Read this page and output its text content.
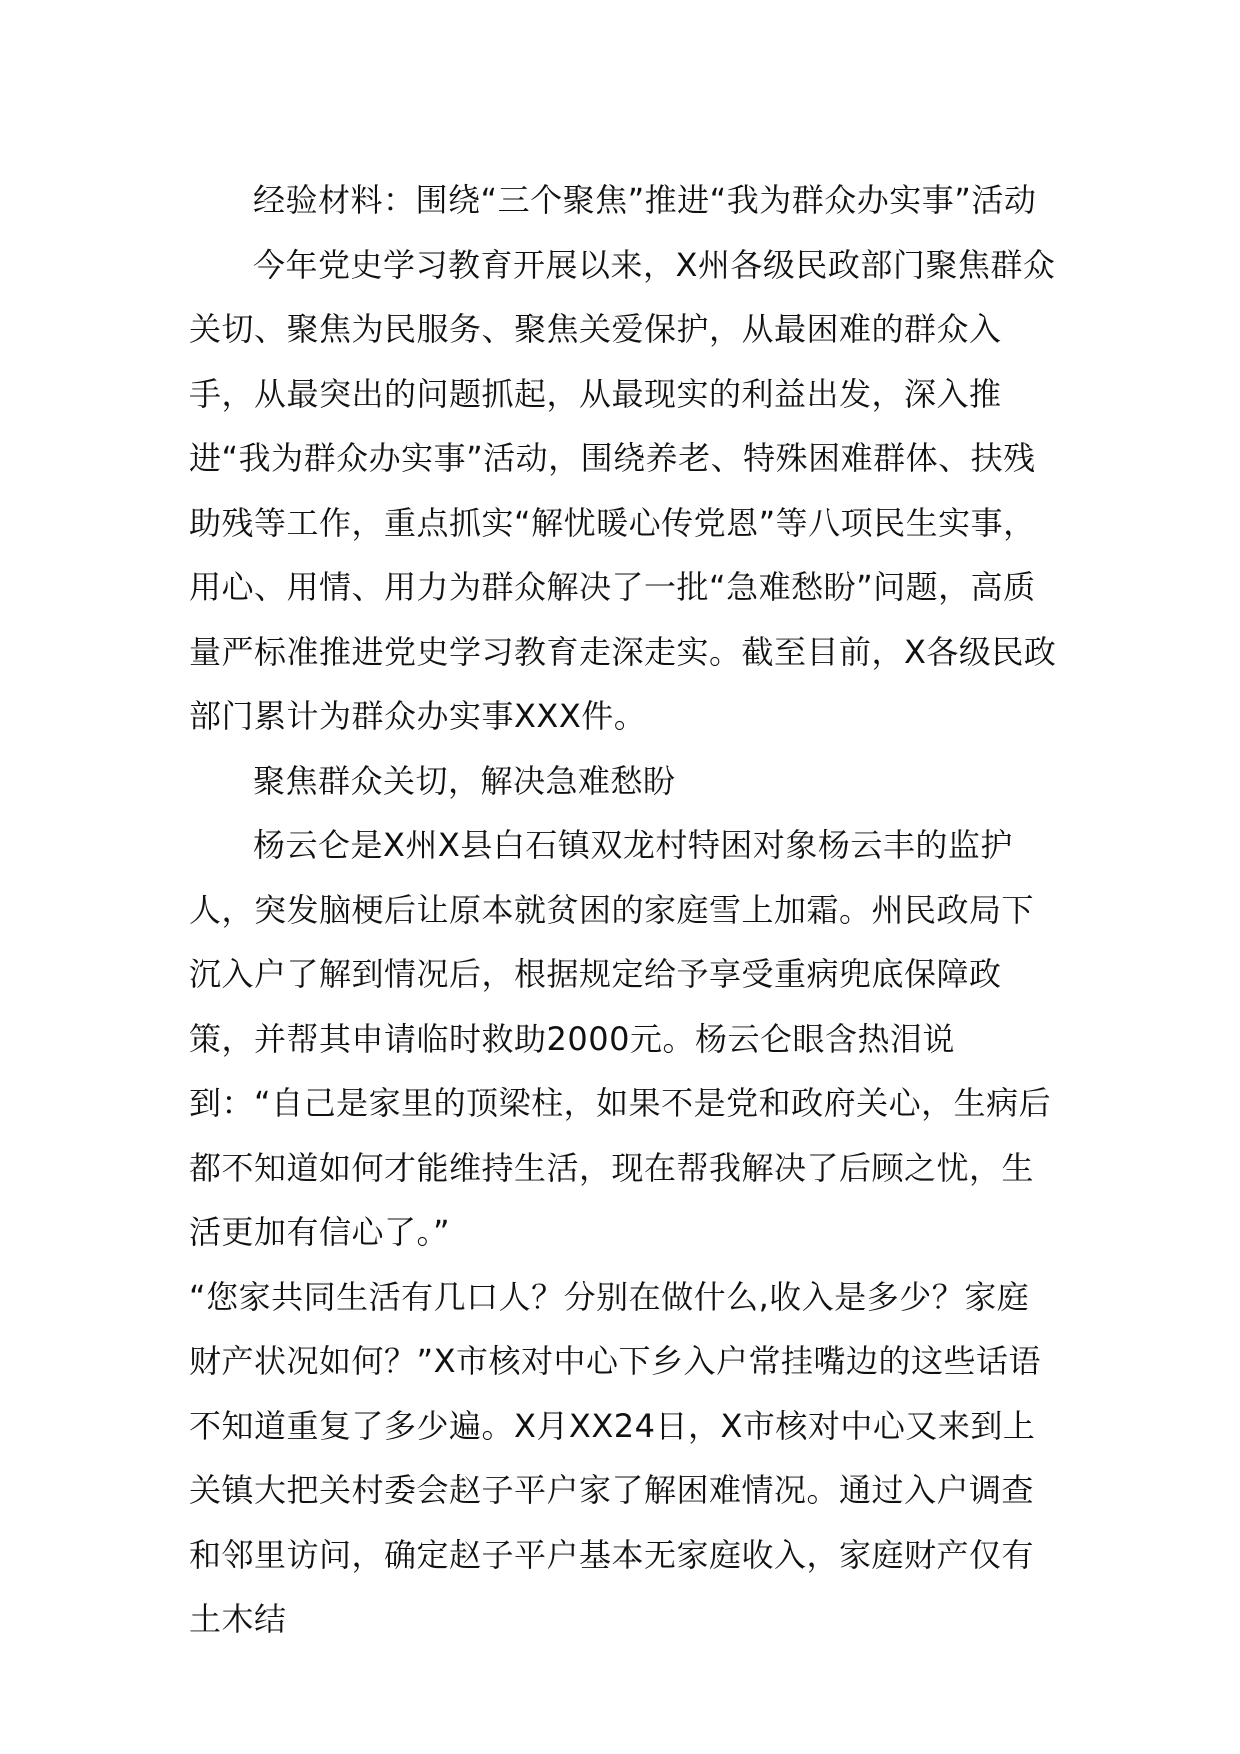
经验材料：围绕“三个聚焦”推进“我为群众办实事”活动

今年党史学习教育开展以来，X州各级民政部门聚焦群众关切、聚焦为民服务、聚焦关爱保护，从最困难的群众入手，从最突出的问题抓起，从最现实的利益出发，深入推进“我为群众办实事”活动，围绕养老、特殊困难群体、扶残助残等工作，重点抓实“解忧暖心传党恩”等八项民生实事，用心、用情、用力为群众解决了一批“急难愁盼”问题，高质量严标准推进党史学习教育走深走实。截至目前，X各级民政部门累计为群众办实事XXX件。

聚焦群众关切，解决急难愁盼

杨云仑是X州X县白石镇双龙村特困对象杨云丰的监护人，突发脑梗后让原本就贫困的家庭雪上加霜。州民政局下沉入户了解到情况后，根据规定给予享受重病兜底保障政策，并帮其申请临时救助2000元。杨云仑眼含热泪说到：“自己是家里的顶梁柱，如果不是党和政府关心，生病后都不知道如何才能维持生活，现在帮我解决了后顾之忧，生活更加有信心了。”

“您家共同生活有几口人？分别在做什么,收入是多少？家庭财产状况如何？”X市核对中心下乡入户常挂嘴边的这些话语不知道重复了多少遍。X月XX24日，X市核对中心又来到上关镇大把关村委会赵子平户家了解困难情况。通过入户调查和邻里访问，确定赵子平户基本无家庭收入，家庭财产仅有土木结
